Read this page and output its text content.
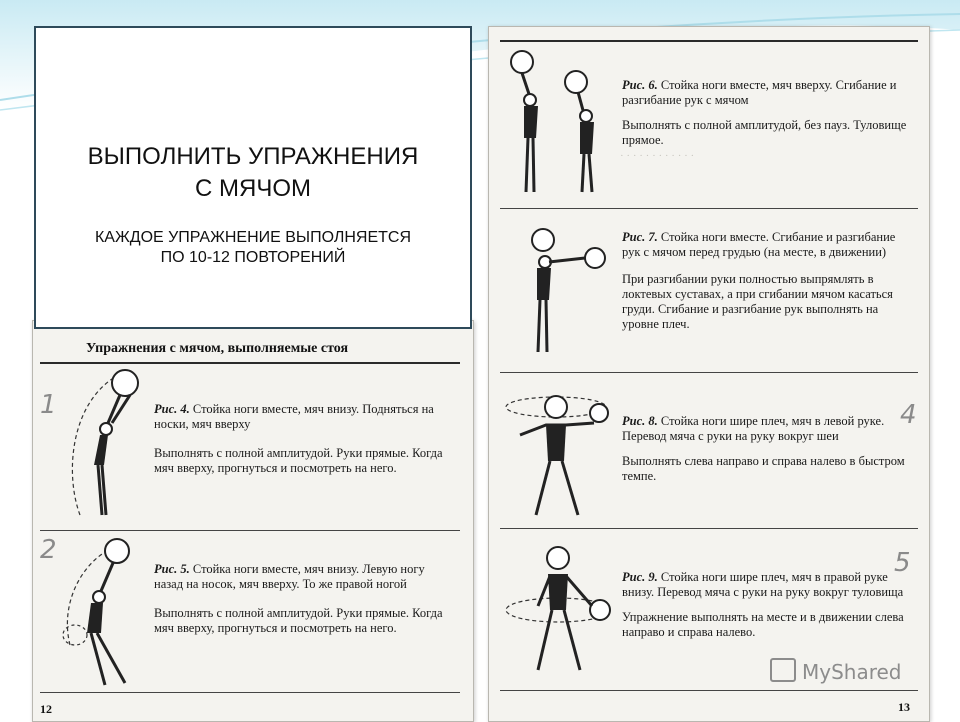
Упражнения с мячом, выполняемые стоя
1	Рис. 4. Стойка ноги вместе, мяч внизу. Подняться на носки, мяч вверху

Выполнять с полной амплитудой. Руки прямые. Когда мяч вверху, прогнуться и посмотреть на него.

2

Рис. 5. Стойка ноги вместе, мяч внизу. Левую ногу назад на носок, мяч вверху. То же правой ногой

Выполнять с полной амплитудой. Руки прямые. Когда мяч вверху, прогнуться и посмотреть на него.

12

Рис. 6. Стойка ноги вместе, мяч вверху. Сгибание и разгибание рук с мячом

Выполнять с полной амплитудой, без пауз. Туловище прямое.

· · · · · · · · · · · ·

Рис. 7. Стойка ноги вместе. Сгибание и разгибание рук с мячом перед грудью (на месте, в движении)

При разгибании руки полностью выпрямлять в локтевых суставах, а при сгибании мячом касаться груди. Сгибание и разгибание рук выполнять на уровне плеч.

4

Рис. 8. Стойка ноги шире плеч, мяч в левой руке. Перевод мяча с руки на руку вокруг шеи

Выполнять слева направо и справа налево в быстром темпе.

5

Рис. 9. Стойка ноги шире плеч, мяч в правой руке внизу. Перевод мяча с руки на руку вокруг туловища

Упражнение выполнять на месте и в движении слева направо и справа налево.

13
MyShared
ВЫПОЛНИТЬ УПРАЖНЕНИЯ
С МЯЧОМ
КАЖДОЕ УПРАЖНЕНИЕ ВЫПОЛНЯЕТСЯ
ПО 10-12 ПОВТОРЕНИЙ
